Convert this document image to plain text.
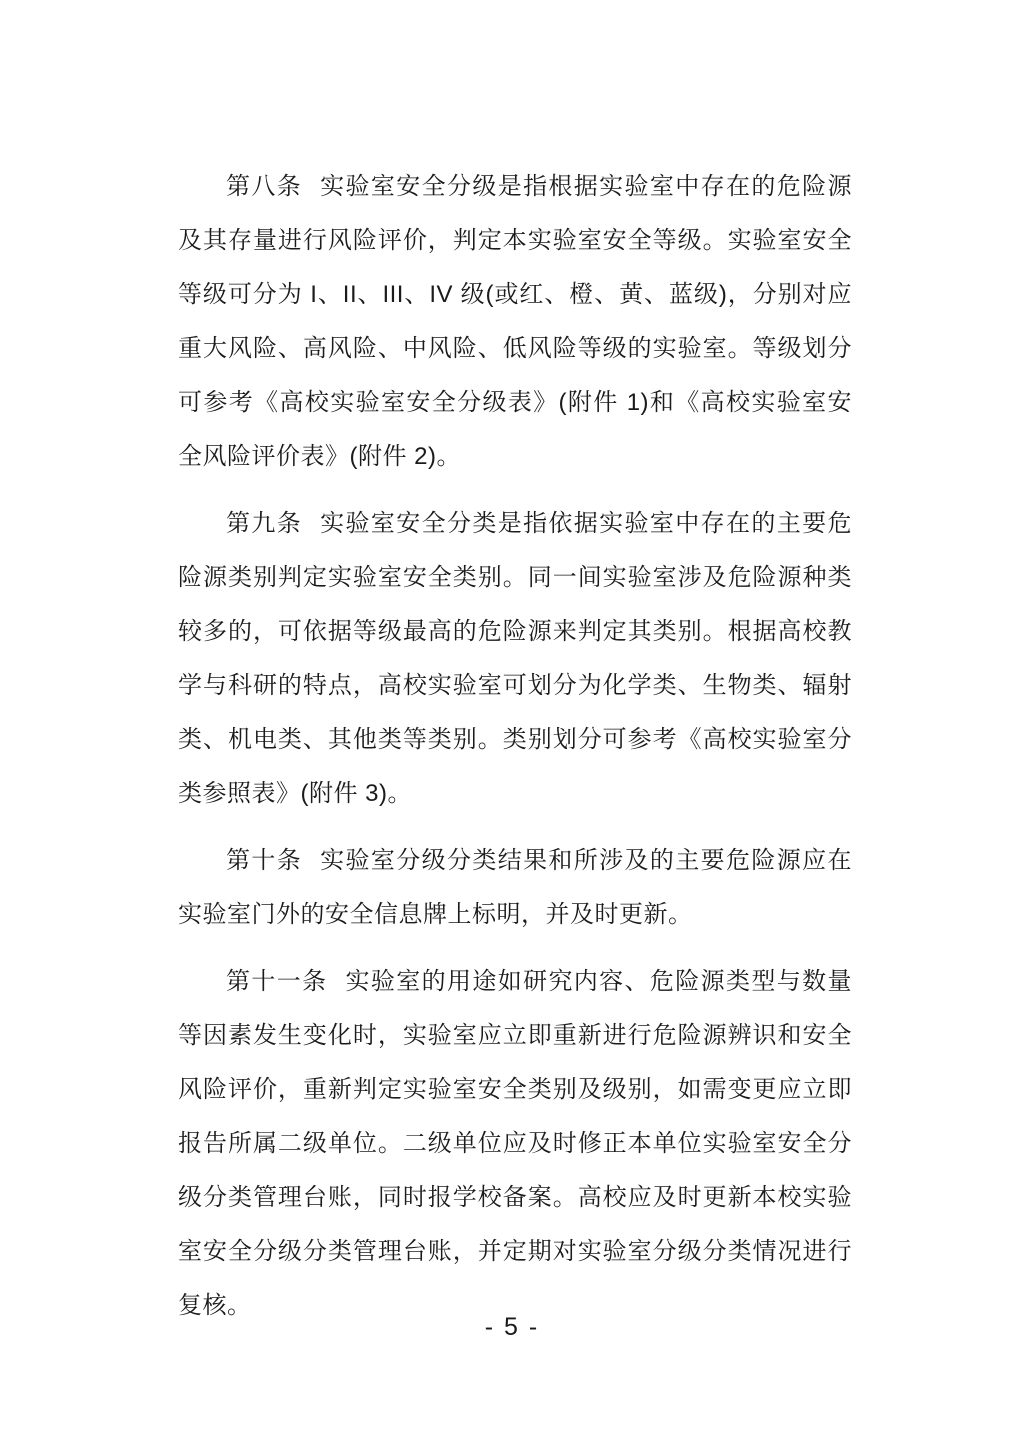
第八条 实验室安全分级是指根据实验室中存在的危险源及其存量进行风险评价，判定本实验室安全等级。实验室安全等级可分为 I、II、III、IV 级(或红、橙、黄、蓝级)，分别对应重大风险、高风险、中风险、低风险等级的实验室。等级划分可参考《高校实验室安全分级表》(附件 1)和《高校实验室安全风险评价表》(附件 2)。

第九条 实验室安全分类是指依据实验室中存在的主要危险源类别判定实验室安全类别。同一间实验室涉及危险源种类较多的，可依据等级最高的危险源来判定其类别。根据高校教学与科研的特点，高校实验室可划分为化学类、生物类、辐射类、机电类、其他类等类别。类别划分可参考《高校实验室分类参照表》(附件 3)。

第十条 实验室分级分类结果和所涉及的主要危险源应在实验室门外的安全信息牌上标明，并及时更新。

第十一条 实验室的用途如研究内容、危险源类型与数量等因素发生变化时，实验室应立即重新进行危险源辨识和安全风险评价，重新判定实验室安全类别及级别，如需变更应立即报告所属二级单位。二级单位应及时修正本单位实验室安全分级分类管理台账，同时报学校备案。高校应及时更新本校实验室安全分级分类管理台账，并定期对实验室分级分类情况进行复核。

- 5 -
